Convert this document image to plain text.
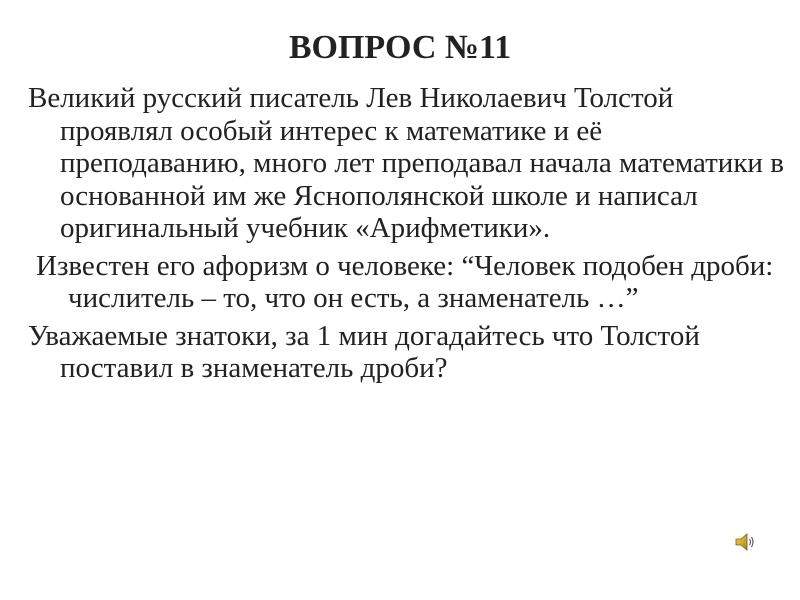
ВОПРОС №11

Великий русский писатель Лев Николаевич Толстой проявлял особый интерес к математике и её преподаванию, много лет преподавал начала математики в основанной им же Яснополянской школе и написал оригинальный учебник «Арифметики».

Известен его афоризм о человеке: “Человек подобен дроби: числитель – то, что он есть, а знаменатель …”

Уважаемые знатоки, за 1 мин догадайтесь что Толстой поставил в знаменатель дроби?
